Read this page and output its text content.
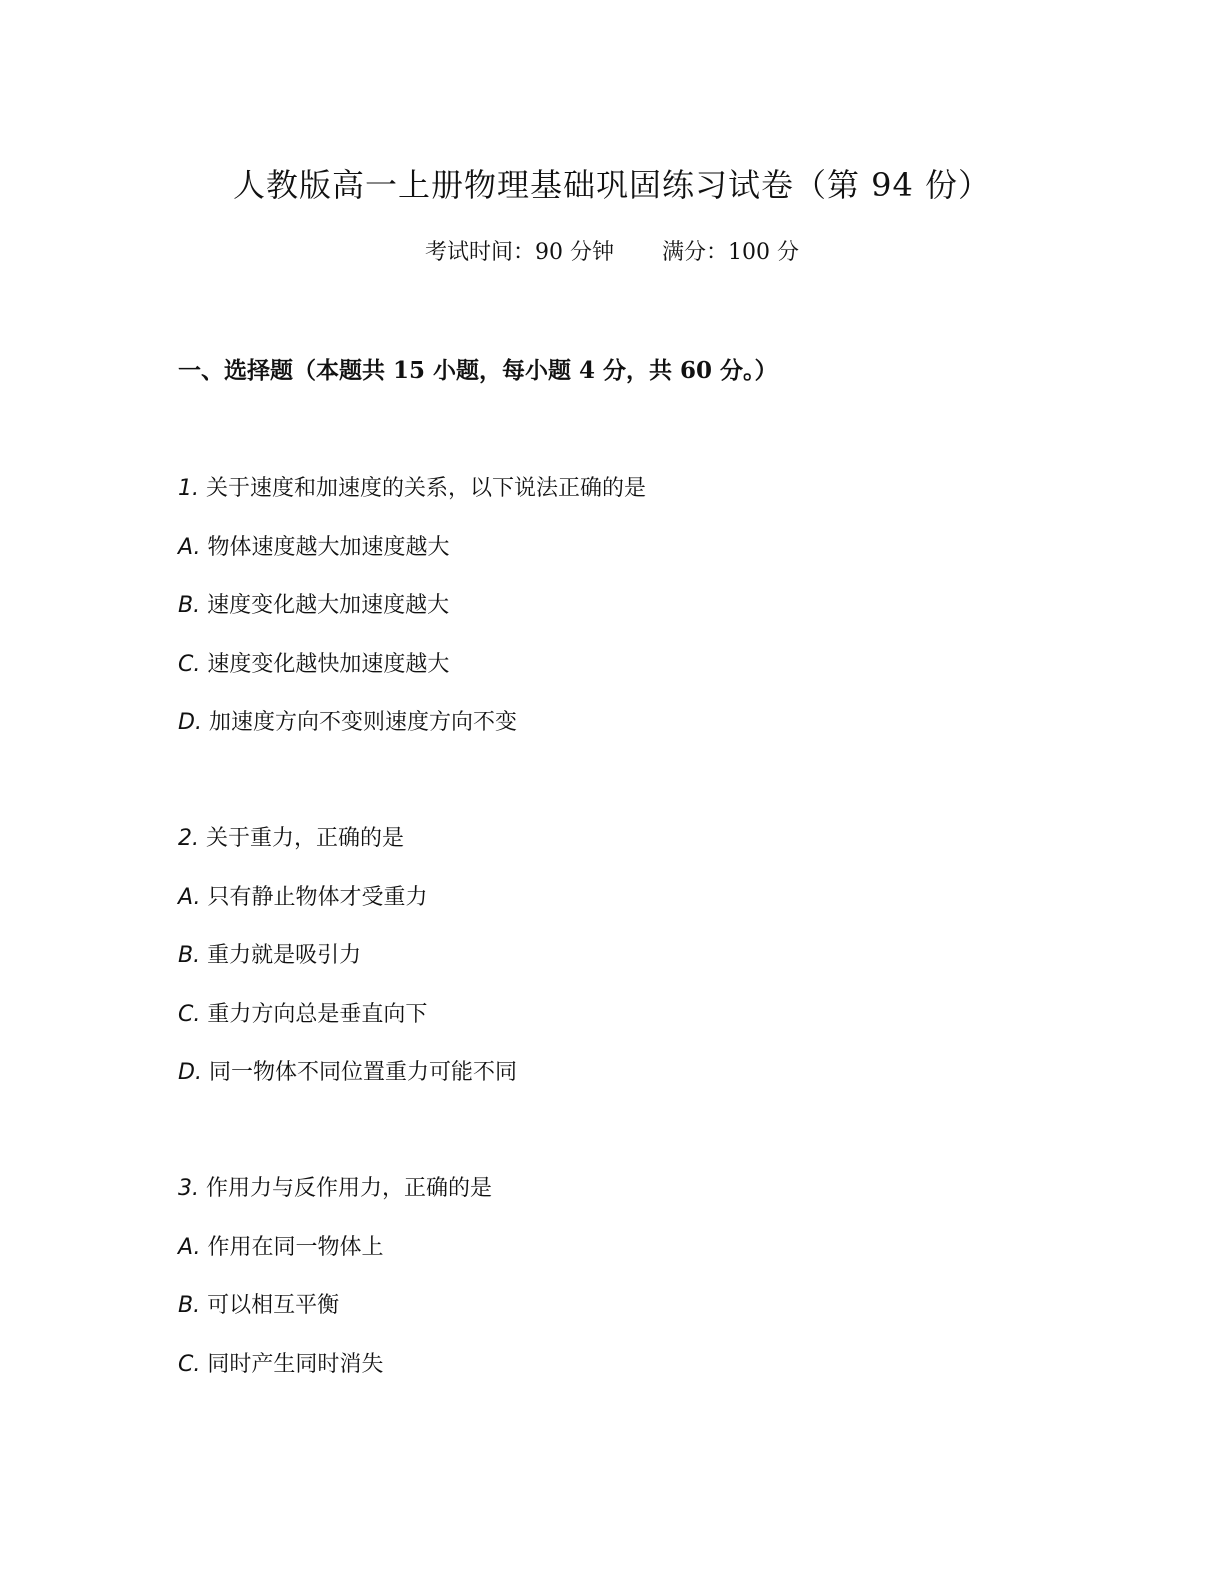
人教版高一上册物理基础巩固练习试卷（第 94 份）
考试时间：90 分钟 满分：100 分
一、选择题（本题共 15 小题，每小题 4 分，共 60 分。）
1. 关于速度和加速度的关系，以下说法正确的是
A. 物体速度越大加速度越大
B. 速度变化越大加速度越大
C. 速度变化越快加速度越大
D. 加速度方向不变则速度方向不变
2. 关于重力，正确的是
A. 只有静止物体才受重力
B. 重力就是吸引力
C. 重力方向总是垂直向下
D. 同一物体不同位置重力可能不同
3. 作用力与反作用力，正确的是
A. 作用在同一物体上
B. 可以相互平衡
C. 同时产生同时消失
